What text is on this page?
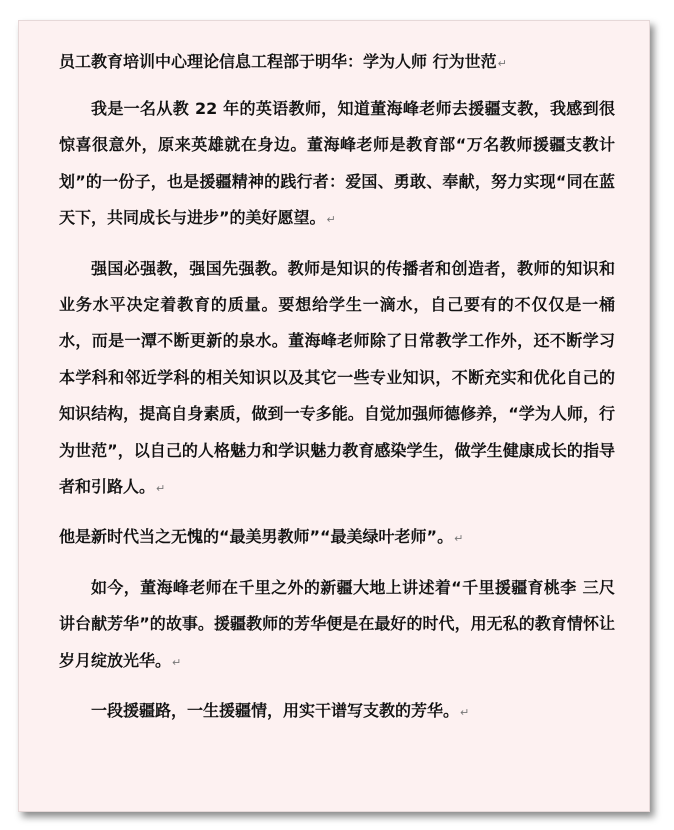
员工教育培训中心理论信息工程部于明华：学为人师 行为世范↵

我是一名从教 22 年的英语教师，知道董海峰老师去援疆支教，我感到很惊喜很意外，原来英雄就在身边。董海峰老师是教育部“万名教师援疆支教计划”的一份子，也是援疆精神的践行者：爱国、勇敢、奉献，努力实现“同在蓝天下，共同成长与进步”的美好愿望。↵

强国必强教，强国先强教。教师是知识的传播者和创造者，教师的知识和业务水平决定着教育的质量。要想给学生一滴水，自己要有的不仅仅是一桶水，而是一潭不断更新的泉水。董海峰老师除了日常教学工作外，还不断学习本学科和邻近学科的相关知识以及其它一些专业知识，不断充实和优化自己的知识结构，提高自身素质，做到一专多能。自觉加强师德修养，“学为人师，行为世范”，以自己的人格魅力和学识魅力教育感染学生，做学生健康成长的指导者和引路人。↵

他是新时代当之无愧的“最美男教师”“最美绿叶老师”。↵

如今，董海峰老师在千里之外的新疆大地上讲述着“千里援疆育桃李 三尺讲台献芳华”的故事。援疆教师的芳华便是在最好的时代，用无私的教育情怀让岁月绽放光华。↵

一段援疆路，一生援疆情，用实干谱写支教的芳华。↵
